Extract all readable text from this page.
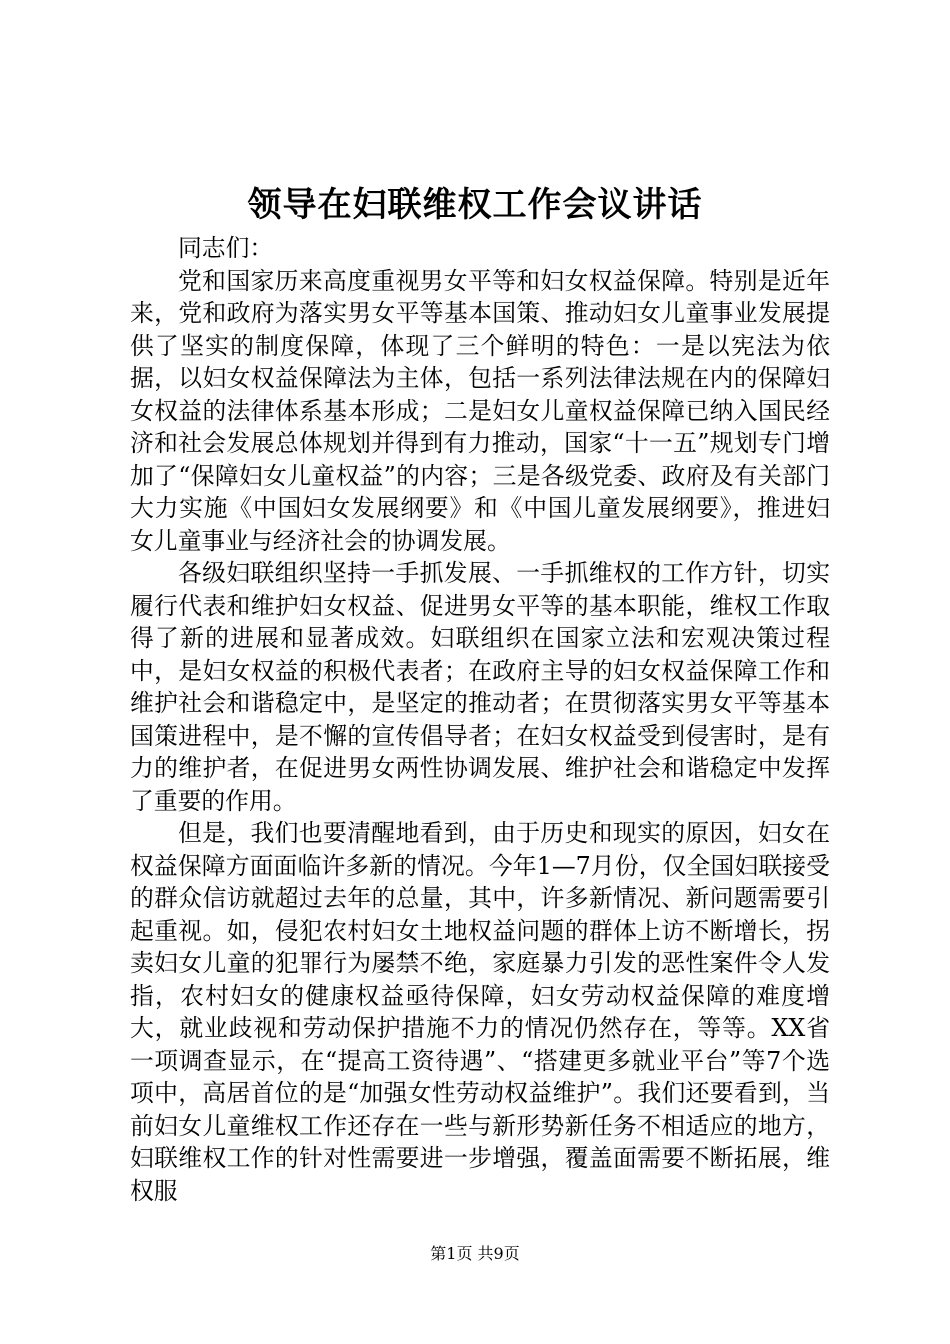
领导在妇联维权工作会议讲话

同志们：

党和国家历来高度重视男女平等和妇女权益保障。特别是近年来，党和政府为落实男女平等基本国策、推动妇女儿童事业发展提供了坚实的制度保障，体现了三个鲜明的特色：一是以宪法为依据，以妇女权益保障法为主体，包括一系列法律法规在内的保障妇女权益的法律体系基本形成；二是妇女儿童权益保障已纳入国民经济和社会发展总体规划并得到有力推动，国家“十一五”规划专门增加了“保障妇女儿童权益”的内容；三是各级党委、政府及有关部门大力实施《中国妇女发展纲要》和《中国儿童发展纲要》，推进妇女儿童事业与经济社会的协调发展。

各级妇联组织坚持一手抓发展、一手抓维权的工作方针，切实履行代表和维护妇女权益、促进男女平等的基本职能，维权工作取得了新的进展和显著成效。妇联组织在国家立法和宏观决策过程中，是妇女权益的积极代表者；在政府主导的妇女权益保障工作和维护社会和谐稳定中，是坚定的推动者；在贯彻落实男女平等基本国策进程中，是不懈的宣传倡导者；在妇女权益受到侵害时，是有力的维护者，在促进男女两性协调发展、维护社会和谐稳定中发挥了重要的作用。

但是，我们也要清醒地看到，由于历史和现实的原因，妇女在权益保障方面面临许多新的情况。今年1—7月份，仅全国妇联接受的群众信访就超过去年的总量，其中，许多新情况、新问题需要引起重视。如，侵犯农村妇女土地权益问题的群体上访不断增长，拐卖妇女儿童的犯罪行为屡禁不绝，家庭暴力引发的恶性案件令人发指，农村妇女的健康权益亟待保障，妇女劳动权益保障的难度增大，就业歧视和劳动保护措施不力的情况仍然存在，等等。XX省一项调查显示，在“提高工资待遇”、“搭建更多就业平台”等7个选项中，高居首位的是“加强女性劳动权益维护”。我们还要看到，当前妇女儿童维权工作还存在一些与新形势新任务不相适应的地方，妇联维权工作的针对性需要进一步增强，覆盖面需要不断拓展，维权服

第1页 共9页
